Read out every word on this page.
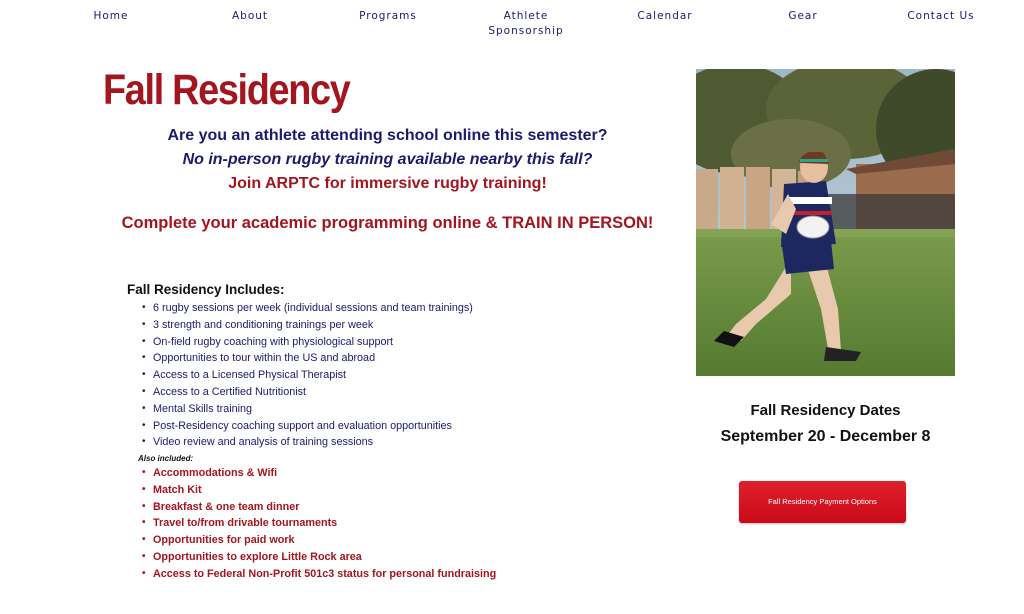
Home	About	Programs	Athlete
Sponsorship
Calendar	Gear	Contact Us
Fall Residency
Are you an athlete attending school online this semester?
No in-person rugby training available nearby this fall?
Join ARPTC for immersive rugby training!
Complete your academic programming online & TRAIN IN PERSON!
Fall Residency Includes:
• 6 rugby sessions per week (individual sessions and team trainings)
• 3 strength and conditioning trainings per week
• On-field rugby coaching with physiological support
• Opportunities to tour within the US and abroad
• Access to a Licensed Physical Therapist
• Access to a Certified Nutritionist
• Mental Skills training
• Post-Residency coaching support and evaluation opportunities
• Video review and analysis of training sessions
Also included:
• Accommodations & Wifi
• Match Kit
• Breakfast & one team dinner
• Travel to/from drivable tournaments
• Opportunities for paid work
• Opportunities to explore Little Rock area
• Access to Federal Non-Profit 501c3 status for personal fundraising
Fall Residency Dates
September 20 - December 8
Fall Residency Payment Options
